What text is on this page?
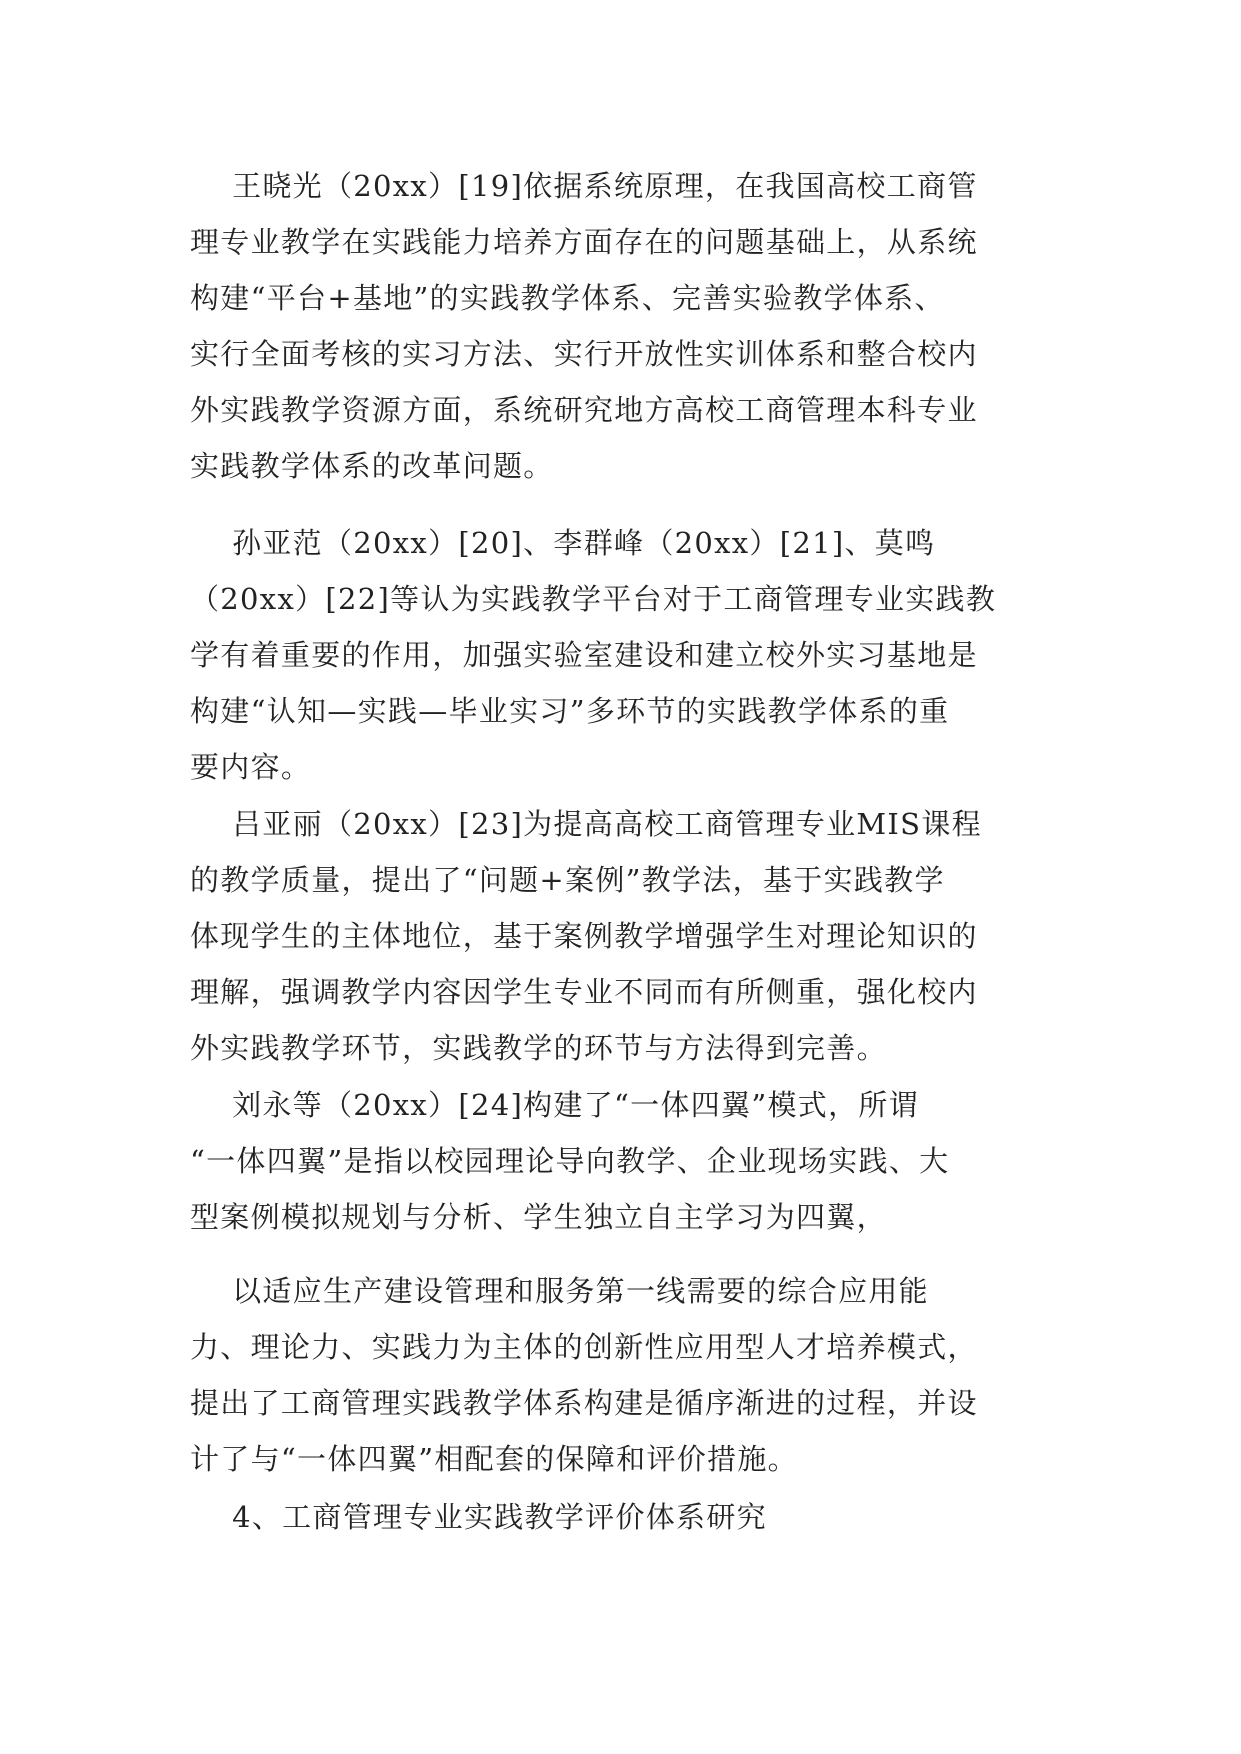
王晓光（20xx）[19]依据系统原理，在我国高校工商管
理专业教学在实践能力培养方面存在的问题基础上，从系统
构建“平台+基地”的实践教学体系、完善实验教学体系、
实行全面考核的实习方法、实行开放性实训体系和整合校内
外实践教学资源方面，系统研究地方高校工商管理本科专业
实践教学体系的改革问题。
孙亚范（20xx）[20]、李群峰（20xx）[21]、莫鸣
（20xx）[22]等认为实践教学平台对于工商管理专业实践教
学有着重要的作用，加强实验室建设和建立校外实习基地是
构建“认知—实践—毕业实习”多环节的实践教学体系的重
要内容。
吕亚丽（20xx）[23]为提高高校工商管理专业MIS课程
的教学质量，提出了“问题+案例”教学法，基于实践教学
体现学生的主体地位，基于案例教学增强学生对理论知识的
理解，强调教学内容因学生专业不同而有所侧重，强化校内
外实践教学环节，实践教学的环节与方法得到完善。
刘永等（20xx）[24]构建了“一体四翼”模式，所谓
“一体四翼”是指以校园理论导向教学、企业现场实践、大
型案例模拟规划与分析、学生独立自主学习为四翼，
以适应生产建设管理和服务第一线需要的综合应用能
力、理论力、实践力为主体的创新性应用型人才培养模式，
提出了工商管理实践教学体系构建是循序渐进的过程，并设
计了与“一体四翼”相配套的保障和评价措施。
4、工商管理专业实践教学评价体系研究
